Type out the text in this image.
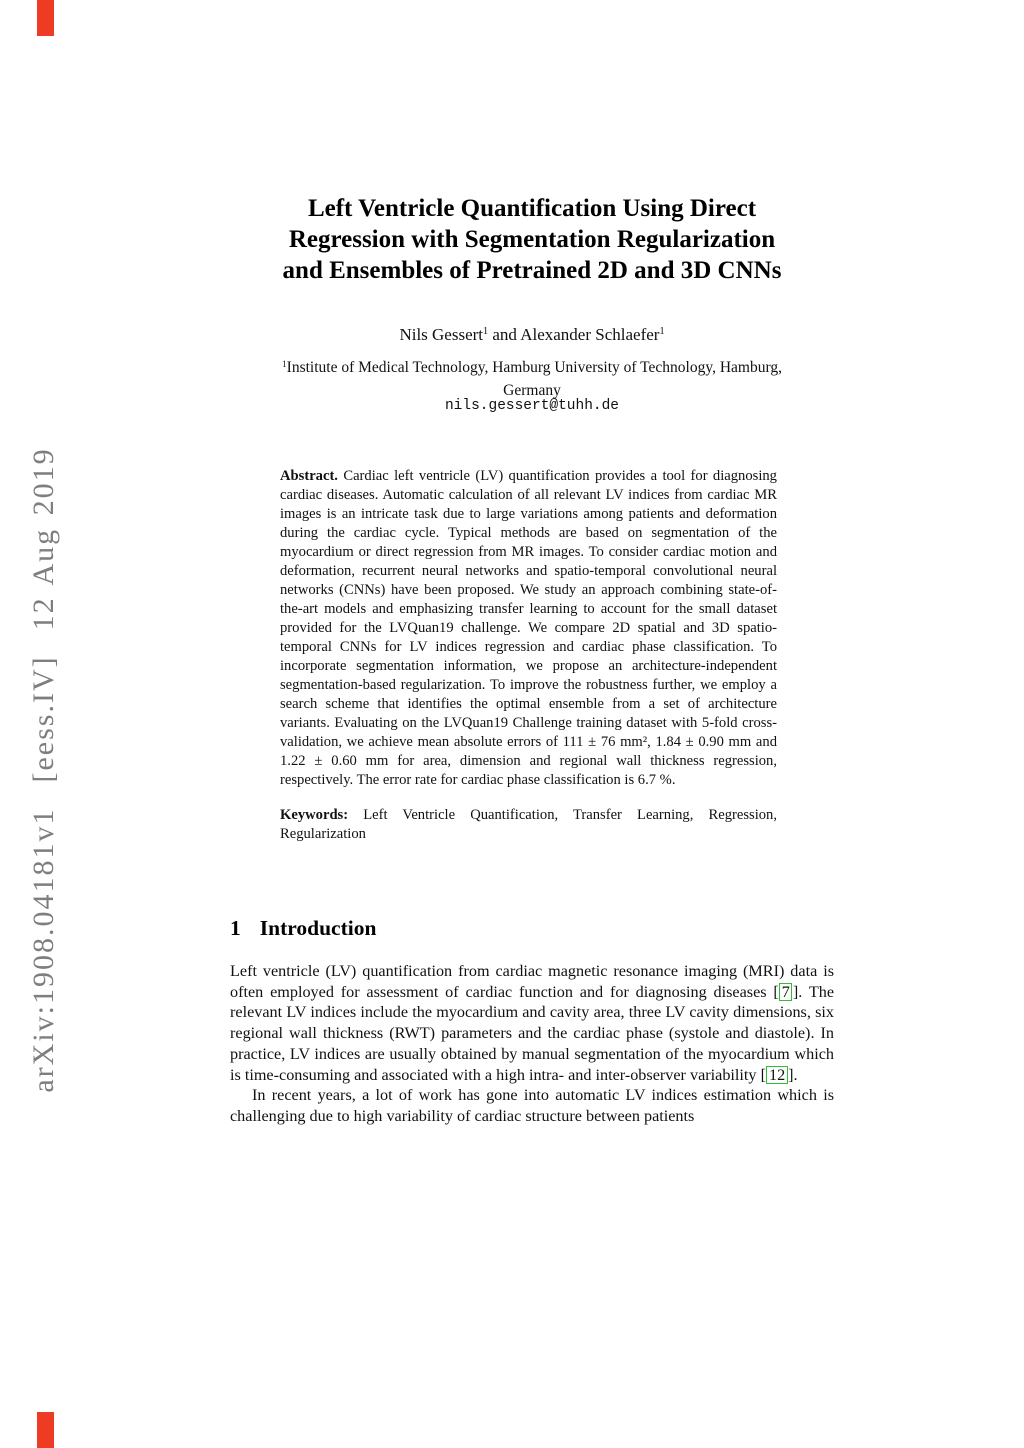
arXiv:1908.04181v1  [eess.IV]  12 Aug 2019
Left Ventricle Quantification Using Direct
Regression with Segmentation Regularization
and Ensembles of Pretrained 2D and 3D CNNs
Nils Gessert$^1$ and Alexander Schlaefer$^1$
$^1$Institute of Medical Technology, Hamburg University of Technology, Hamburg,
Germany
nils.gessert@tuhh.de
Abstract. Cardiac left ventricle (LV) quantification provides a tool for diagnosing cardiac diseases. Automatic calculation of all relevant LV indices from cardiac MR images is an intricate task due to large variations among patients and deformation during the cardiac cycle. Typical methods are based on segmentation of the myocardium or direct regression from MR images. To consider cardiac motion and deformation, recurrent neural networks and spatio-temporal convolutional neural networks (CNNs) have been proposed. We study an approach combining state-of-the-art models and emphasizing transfer learning to account for the small dataset provided for the LVQuan19 challenge. We compare 2D spatial and 3D spatio-temporal CNNs for LV indices regression and cardiac phase classification. To incorporate segmentation information, we propose an architecture-independent segmentation-based regularization. To improve the robustness further, we employ a search scheme that identifies the optimal ensemble from a set of architecture variants. Evaluating on the LVQuan19 Challenge training dataset with 5-fold cross-validation, we achieve mean absolute errors of 111 ± 76 mm², 1.84 ± 0.90 mm and 1.22 ± 0.60 mm for area, dimension and regional wall thickness regression, respectively. The error rate for cardiac phase classification is 6.7 %.
Keywords: Left Ventricle Quantification, Transfer Learning, Regression, Regularization
1 Introduction

Left ventricle (LV) quantification from cardiac magnetic resonance imaging (MRI) data is often employed for assessment of cardiac function and for diagnosing diseases [ 7 ]. The relevant LV indices include the myocardium and cavity area, three LV cavity dimensions, six regional wall thickness (RWT) parameters and the cardiac phase (systole and diastole). In practice, LV indices are usually obtained by manual segmentation of the myocardium which is time-consuming and associated with a high intra- and inter-observer variability [ 12 ].

In recent years, a lot of work has gone into automatic LV indices estimation which is challenging due to high variability of cardiac structure between patients
